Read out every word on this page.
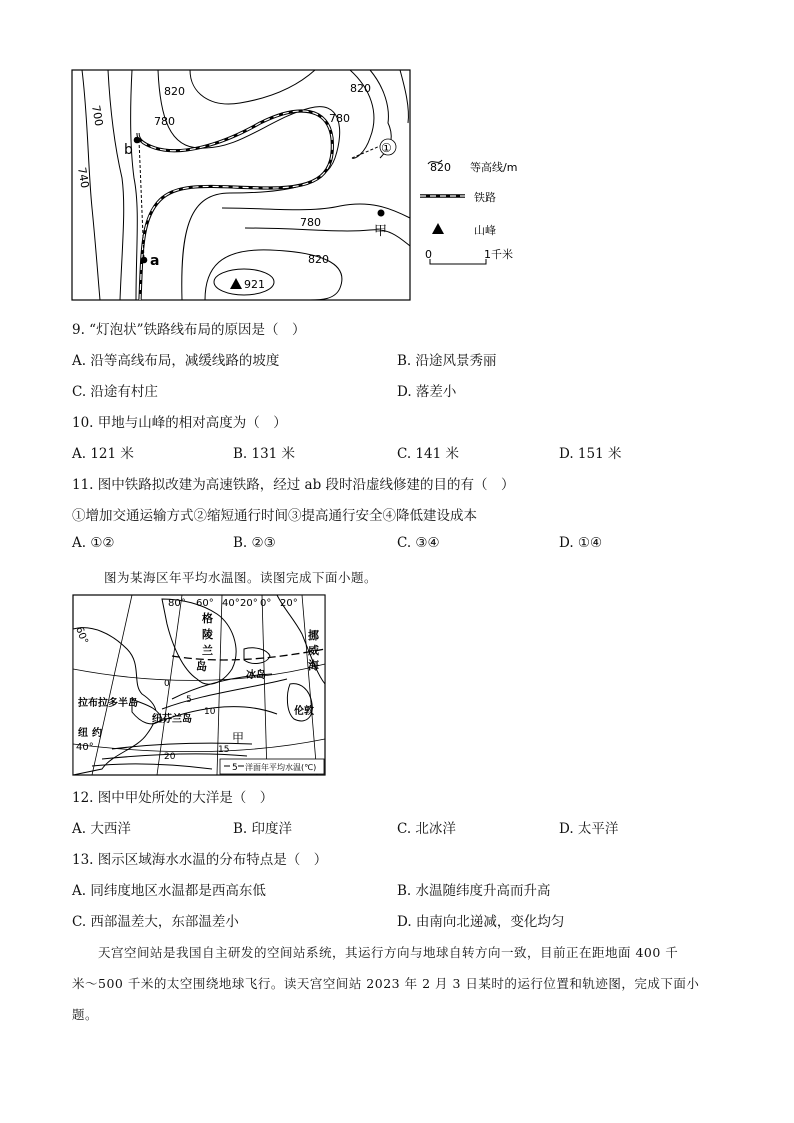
700
740
820
780
820
780
780
820
921
b
a
甲
①
820 等高线/m
铁路
山峰
0	1千米
9. “灯泡状”铁路线布局的原因是（　）
A. 沿等高线布局，减缓线路的坡度	B. 沿途风景秀丽
C. 沿途有村庄	D. 落差小
10. 甲地与山峰的相对高度为（　）
A. 121 米	B. 131 米	C. 141 米	D. 151 米
11. 图中铁路拟改建为高速铁路，经过 ab 段时沿虚线修建的目的有（　）
①增加交通运输方式②缩短通行时间③提高通行安全④降低建设成本
A. ①②	B. ②③	C. ③④	D. ①④
图为某海区年平均水温图。读图完成下面小题。
5 洋面年平均水温(℃)
80° 60° 40° 20° 0° 20°
60°
40°
格
陵
兰
岛
挪
威
海
冰岛
伦敦
拉布拉多半岛
纽芬兰岛
纽 约
0
5
10
15
20
甲
12. 图中甲处所处的大洋是（　）
A. 大西洋	B. 印度洋	C. 北冰洋	D. 太平洋
13. 图示区域海水水温的分布特点是（　）
A. 同纬度地区水温都是西高东低	B. 水温随纬度升高而升高
C. 西部温差大，东部温差小	D. 由南向北递减，变化均匀
天宫空间站是我国自主研发的空间站系统，其运行方向与地球自转方向一致，目前正在距地面 400 千
米～500 千米的太空围绕地球飞行。读天宫空间站 2023 年 2 月 3 日某时的运行位置和轨迹图，完成下面小
题。
